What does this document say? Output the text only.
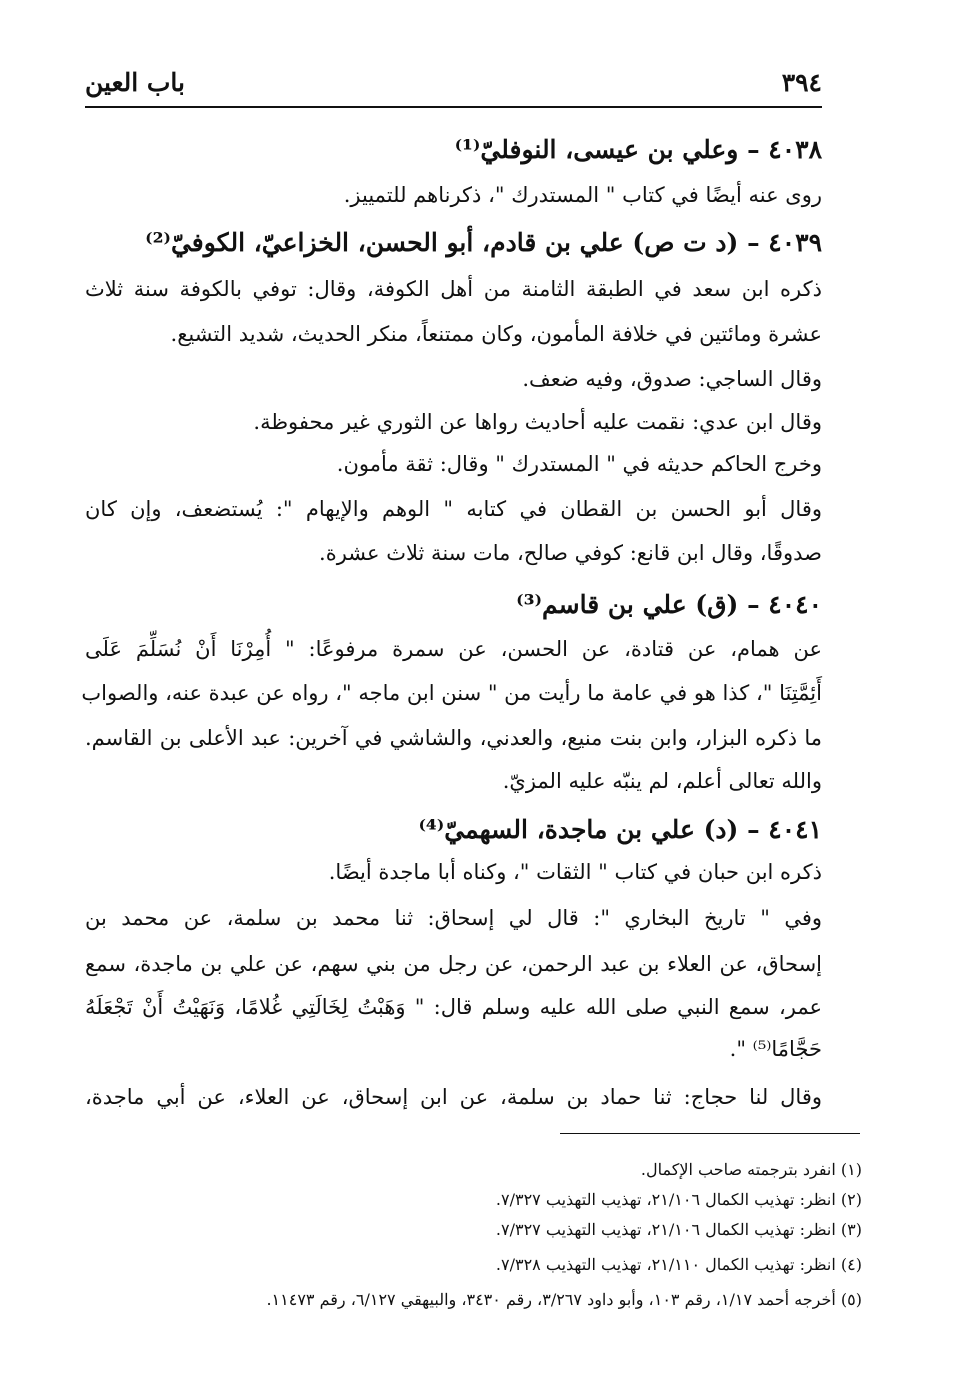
٣٩٤
باب العين
٤٠٣٨ – وعلي بن عيسى، النوفليّ⁽¹⁾
روى عنه أيضًا في كتاب " المستدرك "، ذكرناهم للتمييز.
٤٠٣٩ – (د ت ص) علي بن قادم، أبو الحسن، الخزاعيّ، الكوفيّ⁽²⁾
ذكره ابن سعد في الطبقة الثامنة من أهل الكوفة، وقال: توفي بالكوفة سنة ثلاث
عشرة ومائتين في خلافة المأمون، وكان ممتنعاً، منكر الحديث، شديد التشيع.
وقال الساجي: صدوق، وفيه ضعف.
وقال ابن عدي: نقمت عليه أحاديث رواها عن الثوري غير محفوظة.
وخرج الحاكم حديثه في " المستدرك " وقال: ثقة مأمون.
وقال أبو الحسن بن القطان في كتابه " الوهم والإيهام ": يُستضعف، وإن كان
صدوقًا، وقال ابن قانع: كوفي صالح، مات سنة ثلاث عشرة.
٤٠٤٠ – (ق) علي بن قاسم⁽³⁾
عن همام، عن قتادة، عن الحسن، عن سمرة مرفوعًا: " أُمِرْنَا أَنْ نُسَلِّمَ عَلَى
أَئِمَّتِنَا "، كذا هو في عامة ما رأيت من " سنن ابن ماجه "، رواه عن عبدة عنه، والصواب
ما ذكره البزار، وابن بنت منيع، والعدني، والشاشي في آخرين: عبد الأعلى بن القاسم.
والله تعالى أعلم، لم ينبّه عليه المزيّ.
٤٠٤١ – (د) علي بن ماجدة، السهميّ⁽⁴⁾
ذكره ابن حبان في كتاب " الثقات "، وكناه أبا ماجدة أيضًا.
وفي " تاريخ البخاري ": قال لي إسحاق: ثنا محمد بن سلمة، عن محمد بن
إسحاق، عن العلاء بن عبد الرحمن، عن رجل من بني سهم، عن علي بن ماجدة، سمع
عمر، سمع النبي صلى الله عليه وسلم قال: " وَهَبْتُ لِخَالَتِي غُلامًا، وَنَهَيْتُ أَنْ تَجْعَلَهُ
حَجَّامًا⁽⁵⁾ ".
وقال لنا حجاج: ثنا حماد بن سلمة، عن ابن إسحاق، عن العلاء، عن أبي ماجدة،
(١) انفرد بترجمته صاحب الإكمال.
(٢) انظر: تهذيب الكمال ٢١/١٠٦، تهذيب التهذيب ٧/٣٢٧.
(٣) انظر: تهذيب الكمال ٢١/١٠٦، تهذيب التهذيب ٧/٣٢٧.
(٤) انظر: تهذيب الكمال ٢١/١١٠، تهذيب التهذيب ٧/٣٢٨.
(٥) أخرجه أحمد ١/١٧، رقم ١٠٣، وأبو داود ٣/٢٦٧، رقم ٣٤٣٠، والبيهقي ٦/١٢٧، رقم ١١٤٧٣.
